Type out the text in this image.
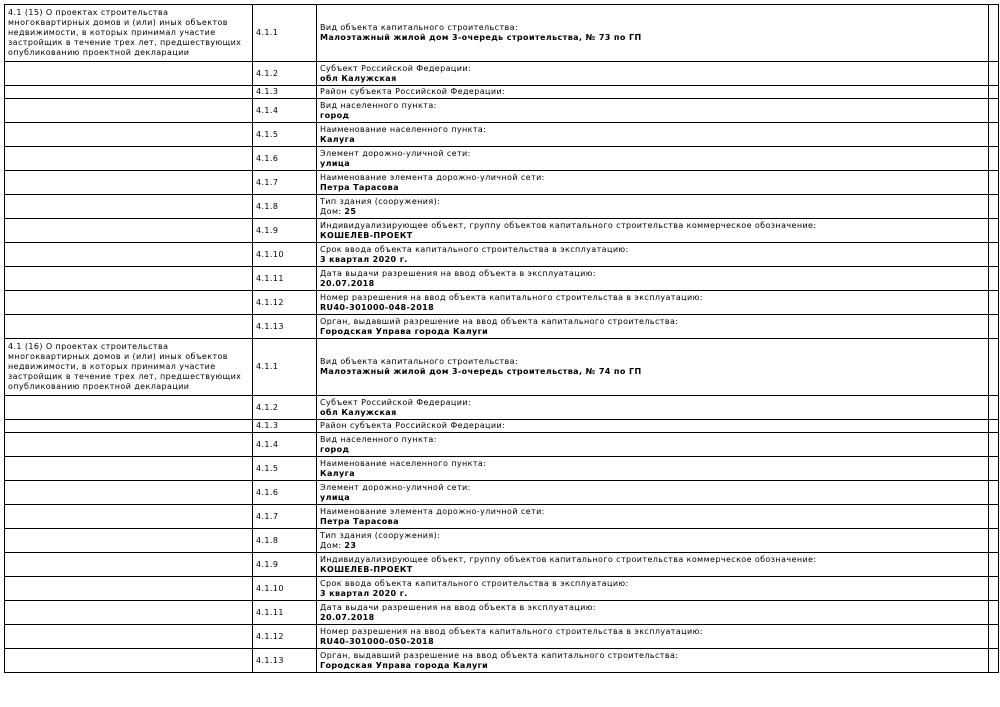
4.1 (15) О проектах строительства многоквартирных домов и (или) иных объектов недвижимости, в которых принимал участие застройщик в течение трех лет, предшествующих опубликованию проектной декларации	4.1.1	Вид объекта капитального строительства:
Малоэтажный жилой дом 3-очередь строительства, № 73 по ГП	

	4.1.2	Субъект Российской Федерации:
обл Калужская	

	4.1.3	Район субъекта Российской Федерации:	

	4.1.4	Вид населенного пункта:
город	

	4.1.5	Наименование населенного пункта:
Калуга	

	4.1.6	Элемент дорожно-уличной сети:
улица	

	4.1.7	Наименование элемента дорожно-уличной сети:
Петра Тарасова	

	4.1.8	Тип здания (сооружения):
Дом: 25	

	4.1.9	Индивидуализирующее объект, группу объектов капитального строительства коммерческое обозначение:
КОШЕЛЕВ-ПРОЕКТ	

	4.1.10	Срок ввода объекта капитального строительства в эксплуатацию:
3 квартал 2020 г.	

	4.1.11	Дата выдачи разрешения на ввод объекта в эксплуатацию:
20.07.2018	

	4.1.12	Номер разрешения на ввод объекта капитального строительства в эксплуатацию:
RU40-301000-048-2018	

	4.1.13	Орган, выдавший разрешение на ввод объекта капитального строительства:
Городская Управа города Калуги	

4.1 (16) О проектах строительства многоквартирных домов и (или) иных объектов недвижимости, в которых принимал участие застройщик в течение трех лет, предшествующих опубликованию проектной декларации	4.1.1	Вид объекта капитального строительства:
Малоэтажный жилой дом 3-очередь строительства, № 74 по ГП	

	4.1.2	Субъект Российской Федерации:
обл Калужская	

	4.1.3	Район субъекта Российской Федерации:	

	4.1.4	Вид населенного пункта:
город	

	4.1.5	Наименование населенного пункта:
Калуга	

	4.1.6	Элемент дорожно-уличной сети:
улица	

	4.1.7	Наименование элемента дорожно-уличной сети:
Петра Тарасова	

	4.1.8	Тип здания (сооружения):
Дом: 23	

	4.1.9	Индивидуализирующее объект, группу объектов капитального строительства коммерческое обозначение:
КОШЕЛЕВ-ПРОЕКТ	

	4.1.10	Срок ввода объекта капитального строительства в эксплуатацию:
3 квартал 2020 г.	

	4.1.11	Дата выдачи разрешения на ввод объекта в эксплуатацию:
20.07.2018	

	4.1.12	Номер разрешения на ввод объекта капитального строительства в эксплуатацию:
RU40-301000-050-2018	

	4.1.13	Орган, выдавший разрешение на ввод объекта капитального строительства:
Городская Управа города Калуги	
